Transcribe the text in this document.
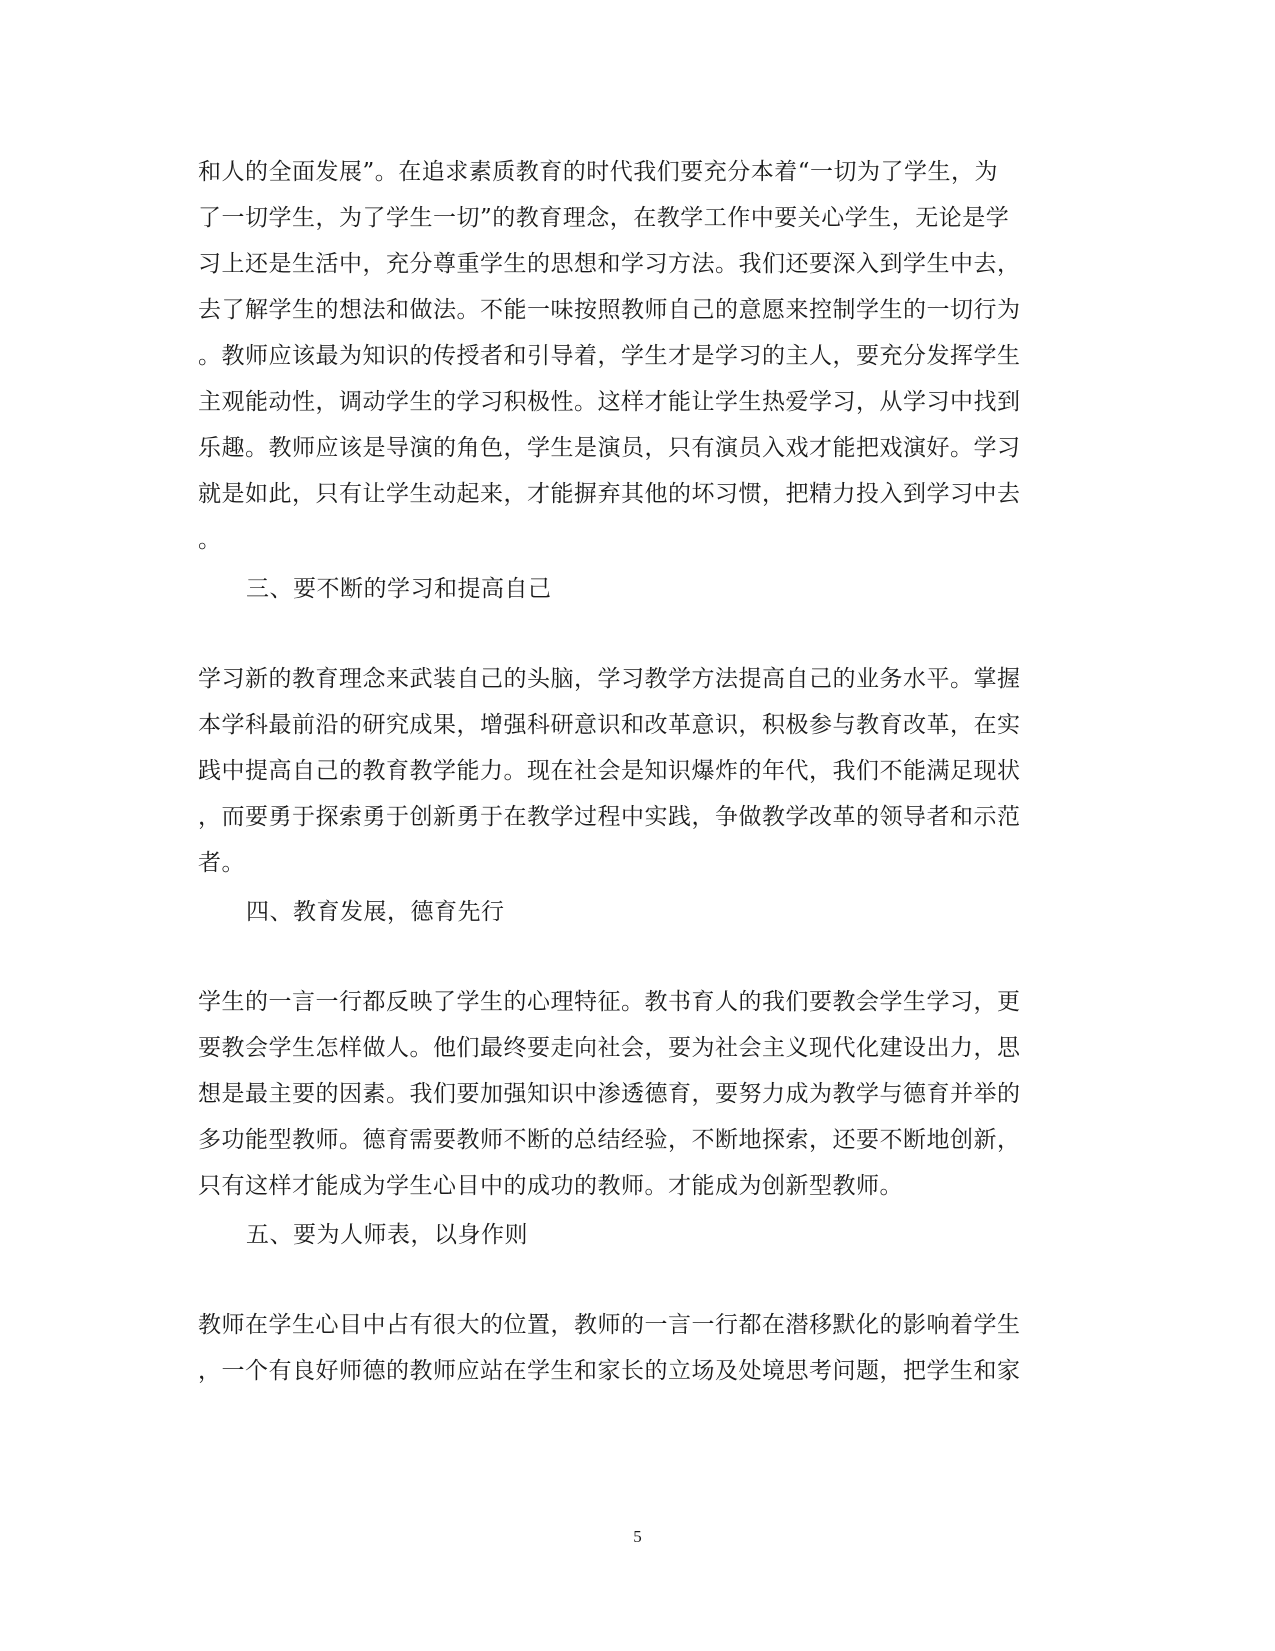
和人的全面发展”。在追求素质教育的时代我们要充分本着“一切为了学生，为
了一切学生，为了学生一切”的教育理念，在教学工作中要关心学生，无论是学
习上还是生活中，充分尊重学生的思想和学习方法。我们还要深入到学生中去，
去了解学生的想法和做法。不能一味按照教师自己的意愿来控制学生的一切行为
。教师应该最为知识的传授者和引导着，学生才是学习的主人，要充分发挥学生
主观能动性，调动学生的学习积极性。这样才能让学生热爱学习，从学习中找到
乐趣。教师应该是导演的角色，学生是演员，只有演员入戏才能把戏演好。学习
就是如此，只有让学生动起来，才能摒弃其他的坏习惯，把精力投入到学习中去
。
三、要不断的学习和提高自己
学习新的教育理念来武装自己的头脑，学习教学方法提高自己的业务水平。掌握
本学科最前沿的研究成果，增强科研意识和改革意识，积极参与教育改革，在实
践中提高自己的教育教学能力。现在社会是知识爆炸的年代，我们不能满足现状
，而要勇于探索勇于创新勇于在教学过程中实践，争做教学改革的领导者和示范
者。
四、教育发展，德育先行
学生的一言一行都反映了学生的心理特征。教书育人的我们要教会学生学习，更
要教会学生怎样做人。他们最终要走向社会，要为社会主义现代化建设出力，思
想是最主要的因素。我们要加强知识中渗透德育，要努力成为教学与德育并举的
多功能型教师。德育需要教师不断的总结经验，不断地探索，还要不断地创新，
只有这样才能成为学生心目中的成功的教师。才能成为创新型教师。
五、要为人师表，以身作则
教师在学生心目中占有很大的位置，教师的一言一行都在潜移默化的影响着学生
，一个有良好师德的教师应站在学生和家长的立场及处境思考问题，把学生和家
5
